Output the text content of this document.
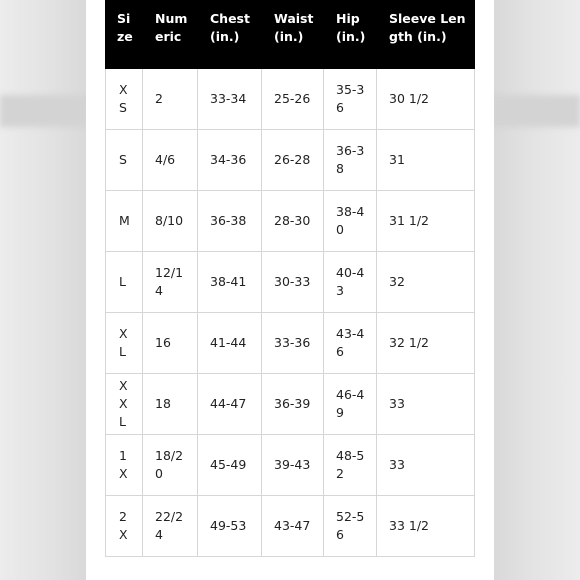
Size	Numeric	Chest (in.)	Waist (in.)	Hip (in.)	Sleeve Length (in.)

XS	2	33-34	25-26	35-36	30 1/2
S	4/6	34-36	26-28	36-38	31
M	8/10	36-38	28-30	38-40	31 1/2
L	12/14	38-41	30-33	40-43	32
XL	16	41-44	33-36	43-46	32 1/2
XXL	18	44-47	36-39	46-49	33
1X	18/20	45-49	39-43	48-52	33
2X	22/24	49-53	43-47	52-56	33 1/2
